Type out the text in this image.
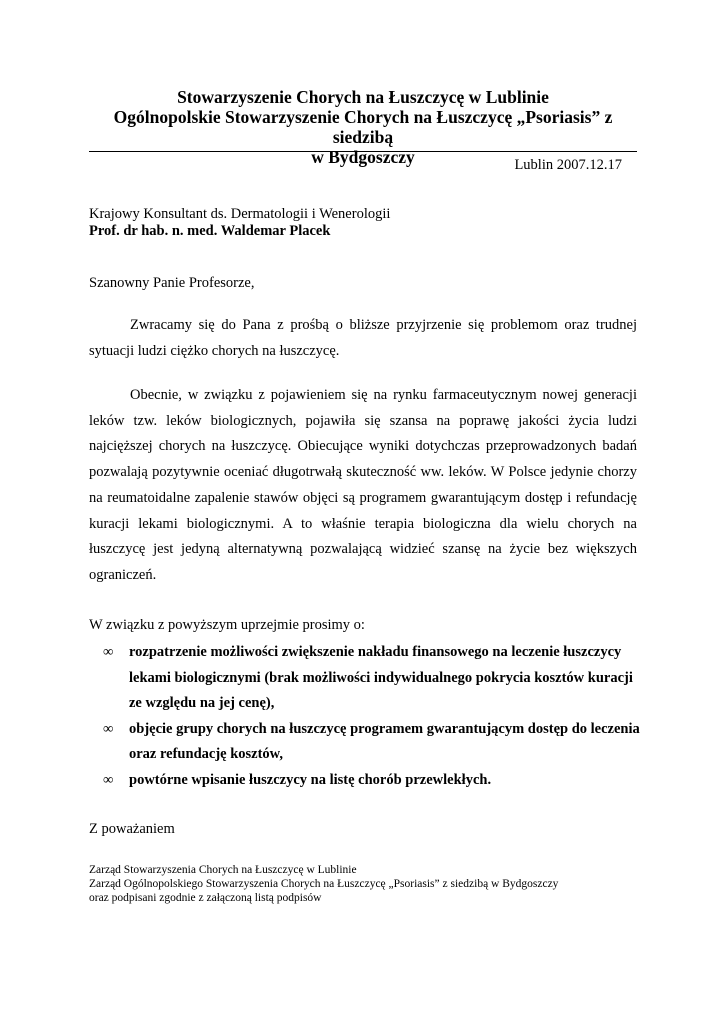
Stowarzyszenie Chorych na Łuszczycę w Lublinie
Ogólnopolskie Stowarzyszenie Chorych na Łuszczycę „Psoriasis” z siedzibą
w Bydgoszczy	Lublin 2007.12.17
Krajowy Konsultant ds. Dermatologii i Wenerologii
Prof. dr hab. n. med. Waldemar Placek
Szanowny Panie Profesorze,
Zwracamy się do Pana z prośbą o bliższe przyjrzenie się problemom oraz trudnej sytuacji ludzi ciężko chorych na łuszczycę.
Obecnie, w związku z pojawieniem się na rynku farmaceutycznym nowej generacji leków tzw. leków biologicznych, pojawiła się szansa na poprawę jakości życia ludzi najcięższej chorych na łuszczycę. Obiecujące wyniki dotychczas przeprowadzonych badań pozwalają pozytywnie oceniać długotrwałą skuteczność ww. leków. W Polsce jedynie chorzy na reumatoidalne zapalenie stawów objęci są programem gwarantującym dostęp i refundację kuracji lekami biologicznymi. A to właśnie terapia biologiczna dla wielu chorych na łuszczycę jest jedyną alternatywną pozwalającą widzieć szansę na życie bez większych ograniczeń.
W związku z powyższym uprzejmie prosimy o:
∞ rozpatrzenie możliwości zwiększenie nakładu finansowego na leczenie łuszczycy lekami biologicznymi (brak możliwości indywidualnego pokrycia kosztów kuracji ze względu na jej cenę),
∞ objęcie grupy chorych na łuszczycę programem gwarantującym dostęp do leczenia oraz refundację kosztów,
∞ powtórne wpisanie łuszczycy na listę chorób przewlekłych.
Z poważaniem
Zarząd Stowarzyszenia Chorych na Łuszczycę w Lublinie
Zarząd Ogólnopolskiego Stowarzyszenia Chorych na Łuszczycę „Psoriasis” z siedzibą w Bydgoszczy
oraz podpisani zgodnie z załączoną listą podpisów
